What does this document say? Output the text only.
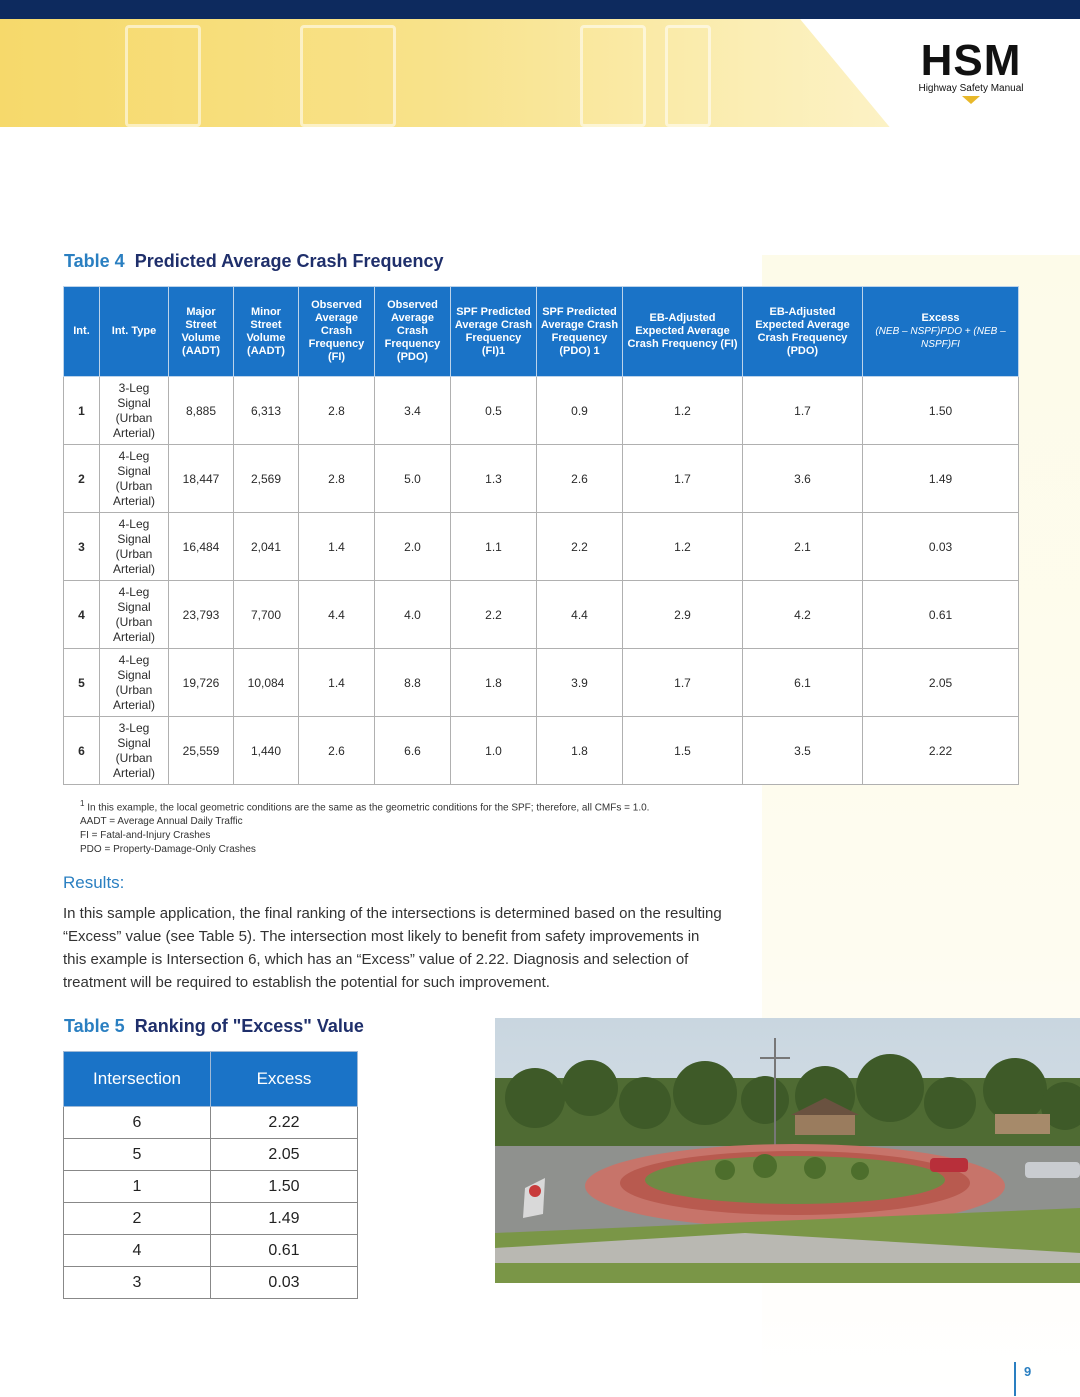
HSM
Highway Safety Manual
Table 4 Predicted Average Crash Frequency
Int.	Int. Type	Major Street Volume (AADT)	Minor Street Volume (AADT)	Observed Average Crash Frequency (FI)	Observed Average Crash Frequency (PDO)	SPF Predicted Average Crash Frequency (FI)1	SPF Predicted Average Crash Frequency (PDO) 1	EB-Adjusted Expected Average Crash Frequency (FI)	EB-Adjusted Expected Average Crash Frequency (PDO)	Excess
(NEB – NSPF)PDO + (NEB – NSPF)FI

1	3-Leg Signal (Urban Arterial)	8,885	6,313	2.8	3.4	0.5	0.9	1.2	1.7	1.50
2	4-Leg Signal (Urban Arterial)	18,447	2,569	2.8	5.0	1.3	2.6	1.7	3.6	1.49
3	4-Leg Signal (Urban Arterial)	16,484	2,041	1.4	2.0	1.1	2.2	1.2	2.1	0.03
4	4-Leg Signal (Urban Arterial)	23,793	7,700	4.4	4.0	2.2	4.4	2.9	4.2	0.61
5	4-Leg Signal (Urban Arterial)	19,726	10,084	1.4	8.8	1.8	3.9	1.7	6.1	2.05
6	3-Leg Signal (Urban Arterial)	25,559	1,440	2.6	6.6	1.0	1.8	1.5	3.5	2.22
$^1$ In this example, the local geometric conditions are the same as the geometric conditions for the SPF; therefore, all CMFs = 1.0.
AADT = Average Annual Daily Traffic
FI = Fatal-and-Injury Crashes
PDO = Property-Damage-Only Crashes
Results:
In this sample application, the final ranking of the intersections is determined based on the resulting “Excess” value (see Table 5). The intersection most likely to benefit from safety improvements in this example is Intersection 6, which has an “Excess” value of 2.22. Diagnosis and selection of treatment will be required to establish the potential for such improvement.
Table 5 Ranking of "Excess" Value
Intersection	Excess
6	2.22
5	2.05
1	1.50
2	1.49
4	0.61
3	0.03
9
